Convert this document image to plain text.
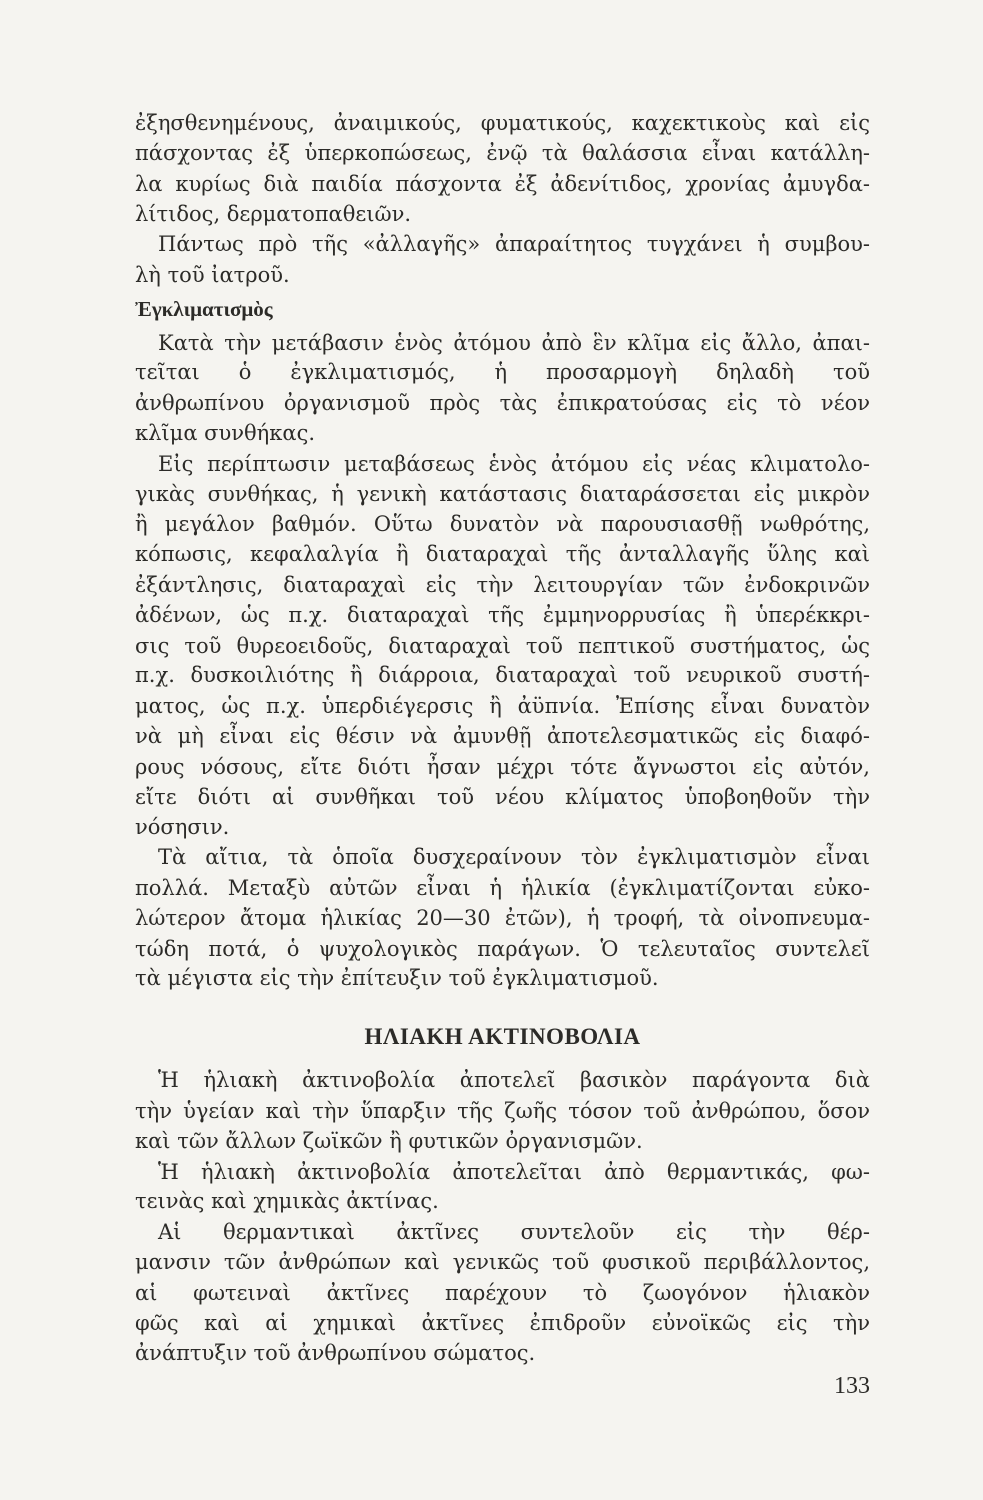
ἐξησθενημένους, ἀναιμικούς, φυματικούς, καχεκτικοὺς καὶ εἰς
πάσχοντας ἐξ ὑπερκοπώσεως, ἐνῷ τὰ θαλάσσια εἶναι κατάλλη-
λα κυρίως διὰ παιδία πάσχοντα ἐξ ἀδενίτιδος, χρονίας ἀμυγδα-
λίτιδος, δερματοπαθειῶν.
Πάντως πρὸ τῆς «ἀλλαγῆς» ἀπαραίτητος τυγχάνει ἡ συμβου-
λὴ τοῦ ἰατροῦ.
Ἐγκλιματισμὸς
Κατὰ τὴν μετάβασιν ἑνὸς ἀτόμου ἀπὸ ἓν κλῖμα εἰς ἄλλο, ἀπαι-
τεῖται ὁ ἐγκλιματισμός, ἡ προσαρμογὴ δηλαδὴ τοῦ
ἀνθρωπίνου ὀργανισμοῦ πρὸς τὰς ἐπικρατούσας εἰς τὸ νέον
κλῖμα συνθήκας.
Εἰς περίπτωσιν μεταβάσεως ἑνὸς ἀτόμου εἰς νέας κλιματολο-
γικὰς συνθήκας, ἡ γενικὴ κατάστασις διαταράσσεται εἰς μικρὸν
ἢ μεγάλον βαθμόν. Οὕτω δυνατὸν νὰ παρουσιασθῇ νωθρότης,
κόπωσις, κεφαλαλγία ἢ διαταραχαὶ τῆς ἀνταλλαγῆς ὕλης καὶ
ἐξάντλησις, διαταραχαὶ εἰς τὴν λειτουργίαν τῶν ἐνδοκρινῶν
ἀδένων, ὡς π.χ. διαταραχαὶ τῆς ἐμμηνορρυσίας ἢ ὑπερέκκρι-
σις τοῦ θυρεοειδοῦς, διαταραχαὶ τοῦ πεπτικοῦ συστήματος, ὡς
π.χ. δυσκοιλιότης ἢ διάρροια, διαταραχαὶ τοῦ νευρικοῦ συστή-
ματος, ὡς π.χ. ὑπερδιέγερσις ἢ ἀϋπνία. Ἐπίσης εἶναι δυνατὸν
νὰ μὴ εἶναι εἰς θέσιν νὰ ἀμυνθῇ ἀποτελεσματικῶς εἰς διαφό-
ρους νόσους, εἴτε διότι ἦσαν μέχρι τότε ἄγνωστοι εἰς αὐτόν,
εἴτε διότι αἱ συνθῆκαι τοῦ νέου κλίματος ὑποβοηθοῦν τὴν
νόσησιν.
Τὰ αἴτια, τὰ ὁποῖα δυσχεραίνουν τὸν ἐγκλιματισμὸν εἶναι
πολλά. Μεταξὺ αὐτῶν εἶναι ἡ ἡλικία (ἐγκλιματίζονται εὐκο-
λώτερον ἄτομα ἡλικίας 20—30 ἐτῶν), ἡ τροφή, τὰ οἰνοπνευμα-
τώδη ποτά, ὁ ψυχολογικὸς παράγων. Ὁ τελευταῖος συντελεῖ
τὰ μέγιστα εἰς τὴν ἐπίτευξιν τοῦ ἐγκλιματισμοῦ.
ΗΛΙΑΚΗ ΑΚΤΙΝΟΒΟΛΙΑ
Ἡ ἡλιακὴ ἀκτινοβολία ἀποτελεῖ βασικὸν παράγοντα διὰ
τὴν ὑγείαν καὶ τὴν ὕπαρξιν τῆς ζωῆς τόσον τοῦ ἀνθρώπου, ὅσον
καὶ τῶν ἄλλων ζωϊκῶν ἢ φυτικῶν ὀργανισμῶν.
Ἡ ἡλιακὴ ἀκτινοβολία ἀποτελεῖται ἀπὸ θερμαντικάς, φω-
τεινὰς καὶ χημικὰς ἀκτίνας.
Αἱ θερμαντικαὶ ἀκτῖνες συντελοῦν εἰς τὴν θέρ-
μανσιν τῶν ἀνθρώπων καὶ γενικῶς τοῦ φυσικοῦ περιβάλλοντος,
αἱ φωτειναὶ ἀκτῖνες παρέχουν τὸ ζωογόνον ἡλιακὸν
φῶς καὶ αἱ χημικαὶ ἀκτῖνες ἐπιδροῦν εὐνοϊκῶς εἰς τὴν
ἀνάπτυξιν τοῦ ἀνθρωπίνου σώματος.
133
